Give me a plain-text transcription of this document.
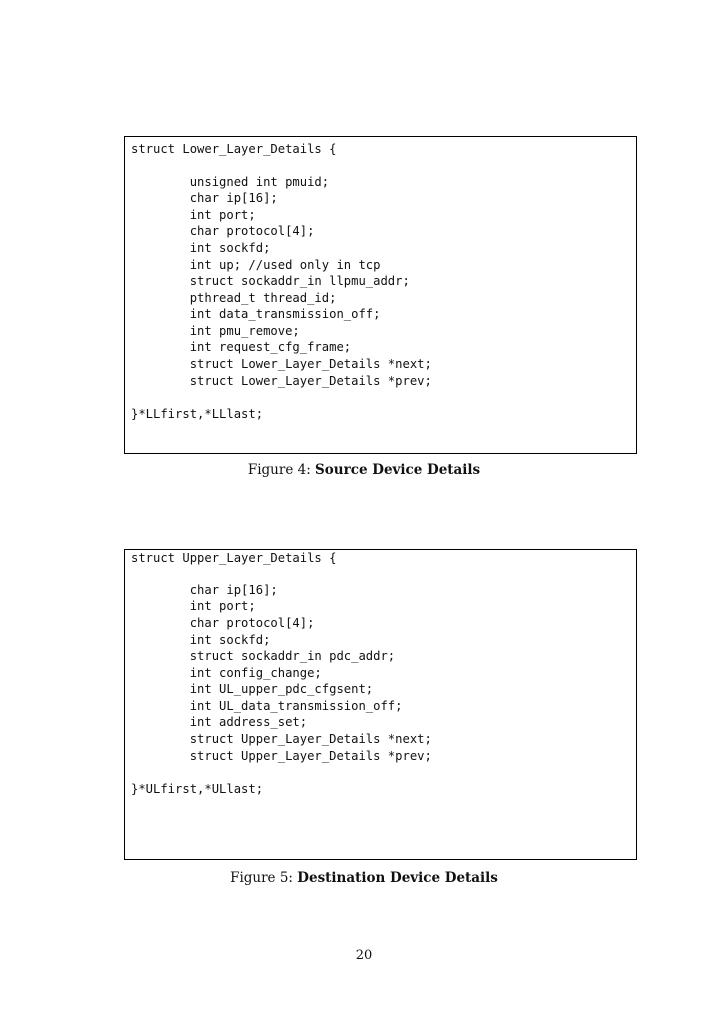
struct Lower_Layer_Details {
unsigned int pmuid;
char ip[16];
int port;
char protocol[4];
int sockfd;
int up; //used only in tcp
struct sockaddr_in llpmu_addr;
pthread_t thread_id;
int data_transmission_off;
int pmu_remove;
int request_cfg_frame;
struct Lower_Layer_Details *next;
struct Lower_Layer_Details *prev;
}*LLfirst,*LLlast;
Figure 4: Source Device Details
struct Upper_Layer_Details {
char ip[16];
int port;
char protocol[4];
int sockfd;
struct sockaddr_in pdc_addr;
int config_change;
int UL_upper_pdc_cfgsent;
int UL_data_transmission_off;
int address_set;
struct Upper_Layer_Details *next;
struct Upper_Layer_Details *prev;
}*ULfirst,*ULlast;
Figure 5: Destination Device Details
20
